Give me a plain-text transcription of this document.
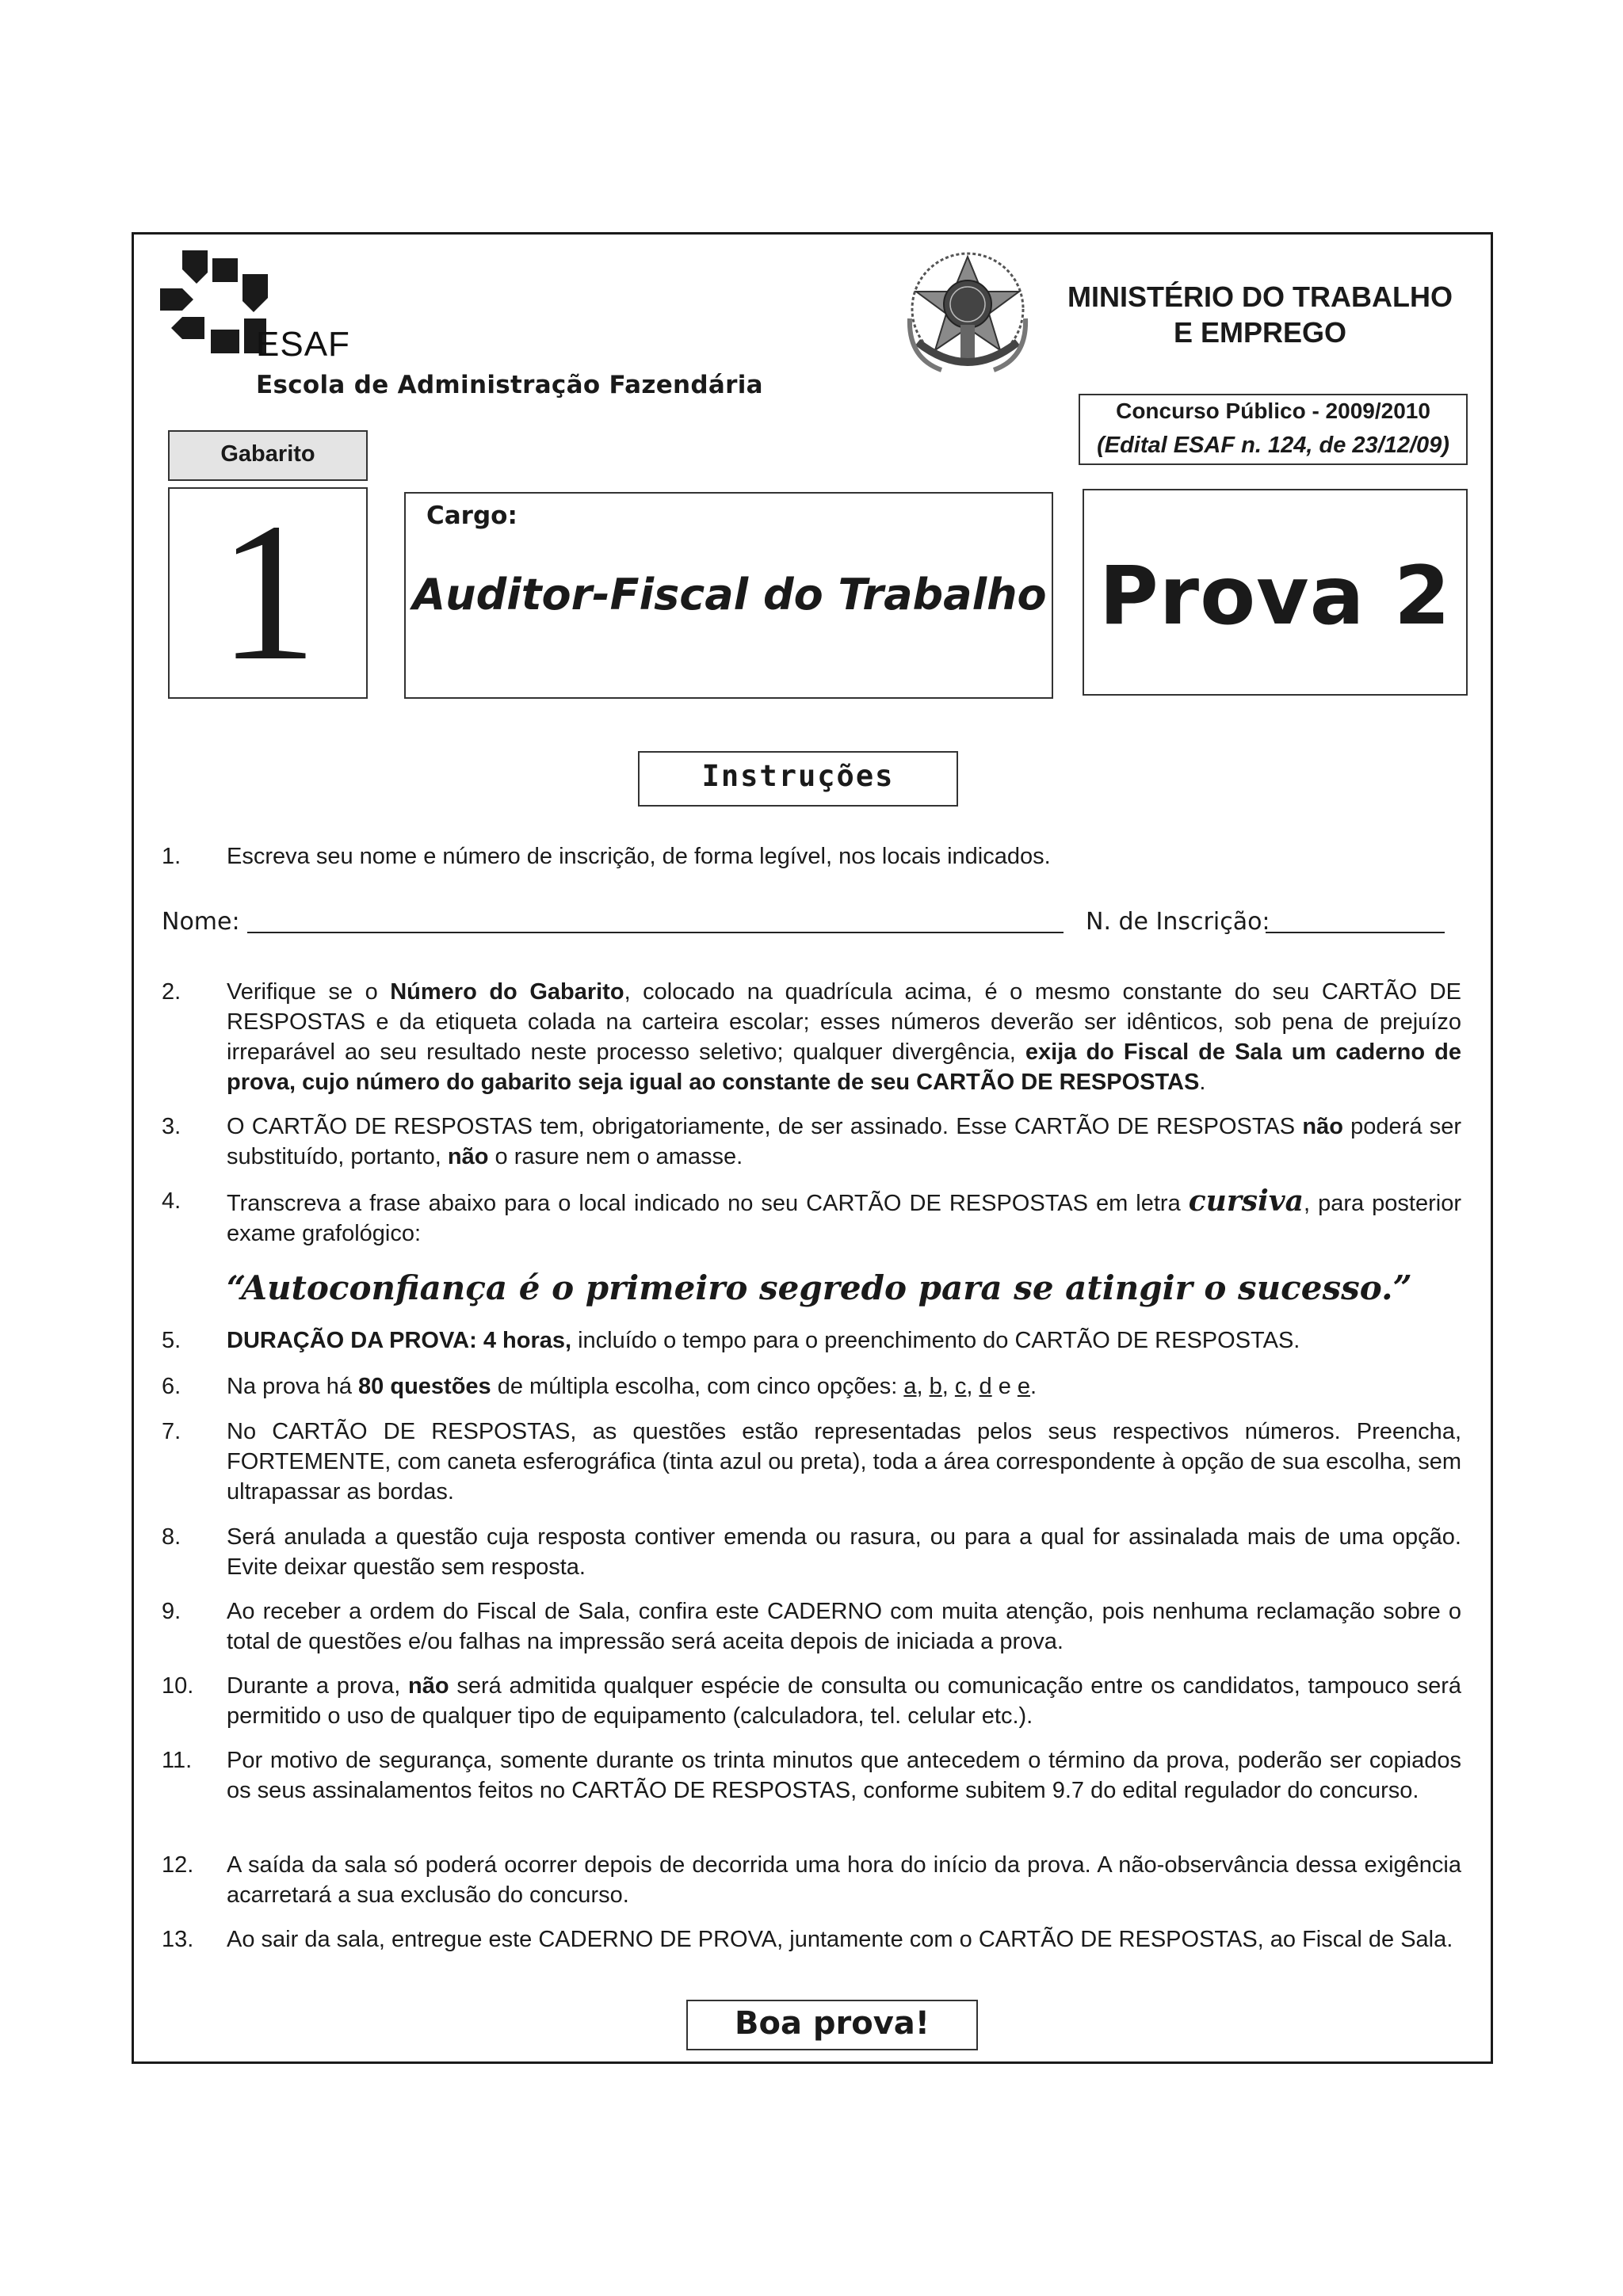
ESAF
Escola de Administração Fazendária
MINISTÉRIO DO TRABALHO
E EMPREGO
Concurso Público - 2009/2010
(Edital ESAF n. 124, de 23/12/09)
Gabarito
1	Cargo:
Auditor-Fiscal do Trabalho Prova 2
Instruções
1. Escreva seu nome e número de inscrição, de forma legível, nos locais indicados.
Nome:	N. de Inscrição:
2. Verifique se o Número do Gabarito, colocado na quadrícula acima, é o mesmo constante do seu CARTÃO DE RESPOSTAS e da etiqueta colada na carteira escolar; esses números deverão ser idênticos, sob pena de prejuízo irreparável ao seu resultado neste processo seletivo; qualquer divergência, exija do Fiscal de Sala um caderno de prova, cujo número do gabarito seja igual ao constante de seu CARTÃO DE RESPOSTAS.
3. O CARTÃO DE RESPOSTAS tem, obrigatoriamente, de ser assinado. Esse CARTÃO DE RESPOSTAS não poderá ser substituído, portanto, não o rasure nem o amasse.
4. Transcreva a frase abaixo para o local indicado no seu CARTÃO DE RESPOSTAS em letra cursiva, para posterior exame grafológico:
“Autoconfiança é o primeiro segredo para se atingir o sucesso.”
5. DURAÇÃO DA PROVA: 4 horas, incluído o tempo para o preenchimento do CARTÃO DE RESPOSTAS.
6. Na prova há 80 questões de múltipla escolha, com cinco opções: a, b, c, d e e.
7. No CARTÃO DE RESPOSTAS, as questões estão representadas pelos seus respectivos números. Preencha, FORTEMENTE, com caneta esferográfica (tinta azul ou preta), toda a área correspondente à opção de sua escolha, sem ultrapassar as bordas.
8. Será anulada a questão cuja resposta contiver emenda ou rasura, ou para a qual for assinalada mais de uma opção. Evite deixar questão sem resposta.
9. Ao receber a ordem do Fiscal de Sala, confira este CADERNO com muita atenção, pois nenhuma reclamação sobre o total de questões e/ou falhas na impressão será aceita depois de iniciada a prova.
10. Durante a prova, não será admitida qualquer espécie de consulta ou comunicação entre os candidatos, tampouco será permitido o uso de qualquer tipo de equipamento (calculadora, tel. celular etc.).
11. Por motivo de segurança, somente durante os trinta minutos que antecedem o término da prova, poderão ser copiados os seus assinalamentos feitos no CARTÃO DE RESPOSTAS, conforme subitem 9.7 do edital regulador do concurso.
12. A saída da sala só poderá ocorrer depois de decorrida uma hora do início da prova. A não-observância dessa exigência acarretará a sua exclusão do concurso.
13. Ao sair da sala, entregue este CADERNO DE PROVA, juntamente com o CARTÃO DE RESPOSTAS, ao Fiscal de Sala.
Boa prova!
